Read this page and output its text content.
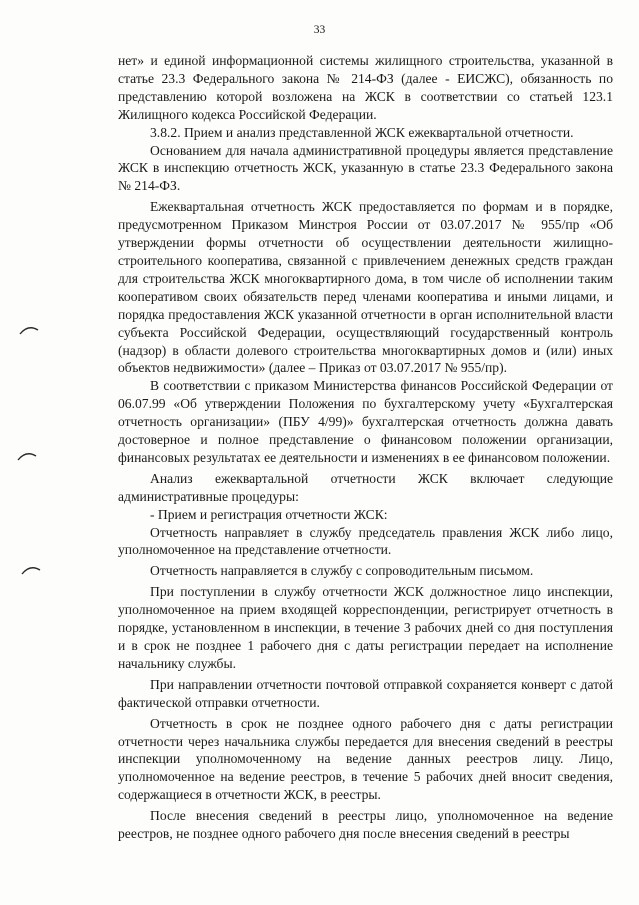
33

нет» и единой информационной системы жилищного строительства, указанной в статье 23.3 Федерального закона № 214-ФЗ (далее - ЕИСЖС), обязанность по представлению которой возложена на ЖСК в соответствии со статьей 123.1 Жилищного кодекса Российской Федерации.

3.8.2. Прием и анализ представленной ЖСК ежеквартальной отчетности.

Основанием для начала административной процедуры является представление ЖСК в инспекцию отчетность ЖСК, указанную в статье 23.3 Федерального закона № 214-ФЗ.

Ежеквартальная отчетность ЖСК предоставляется по формам и в порядке, предусмотренном Приказом Минстроя России от 03.07.2017 № 955/пр «Об утверждении формы отчетности об осуществлении деятельности жилищно-строительного кооператива, связанной с привлечением денежных средств граждан для строительства ЖСК многоквартирного дома, в том числе об исполнении таким кооперативом своих обязательств перед членами кооператива и иными лицами, и порядка предоставления ЖСК указанной отчетности в орган исполнительной власти субъекта Российской Федерации, осуществляющий государственный контроль (надзор) в области долевого строительства многоквартирных домов и (или) иных объектов недвижимости» (далее – Приказ от 03.07.2017 № 955/пр).

В соответствии с приказом Министерства финансов Российской Федерации от 06.07.99 «Об утверждении Положения по бухгалтерскому учету «Бухгалтерская отчетность организации» (ПБУ 4/99)» бухгалтерская отчетность должна давать достоверное и полное представление о финансовом положении организации, финансовых результатах ее деятельности и изменениях в ее финансовом положении.

Анализ ежеквартальной отчетности ЖСК включает следующие административные процедуры:

- Прием и регистрация отчетности ЖСК:

Отчетность направляет в службу председатель правления ЖСК либо лицо, уполномоченное на представление отчетности.

Отчетность направляется в службу с сопроводительным письмом.

При поступлении в службу отчетности ЖСК должностное лицо инспекции, уполномоченное на прием входящей корреспонденции, регистрирует отчетность в порядке, установленном в инспекции, в течение 3 рабочих дней со дня поступления и в срок не позднее 1 рабочего дня с даты регистрации передает на исполнение начальнику службы.

При направлении отчетности почтовой отправкой сохраняется конверт с датой фактической отправки отчетности.

Отчетность в срок не позднее одного рабочего дня с даты регистрации отчетности через начальника службы передается для внесения сведений в реестры инспекции уполномоченному на ведение данных реестров лицу. Лицо, уполномоченное на ведение реестров, в течение 5 рабочих дней вносит сведения, содержащиеся в отчетности ЖСК, в реестры.

После внесения сведений в реестры лицо, уполномоченное на ведение реестров, не позднее одного рабочего дня после внесения сведений в реестры
